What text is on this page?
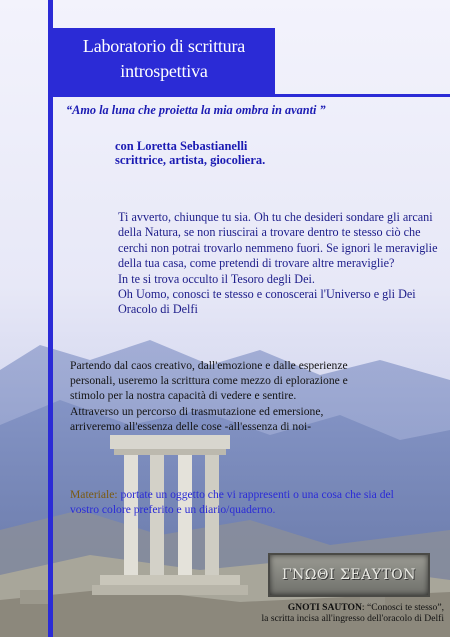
Laboratorio di scrittura
introspettiva
“Amo la luna che proietta la mia ombra in avanti ”
con Loretta Sebastianelli
scrittrice, artista, giocoliera.
Ti avverto, chiunque tu sia. Oh tu che desideri sondare gli arcani
della Natura, se non riuscirai a trovare dentro te stesso ciò che
cerchi non potrai trovarlo nemmeno fuori. Se ignori le meraviglie
della tua casa, come pretendi di trovare altre meraviglie?
In te si trova occulto il Tesoro degli Dei.
Oh Uomo, conosci te stesso e conoscerai l'Universo e gli Dei
Oracolo di Delfi
Partendo dal caos creativo, dall'emozione e dalle esperienze
personali, useremo la scrittura come mezzo di eplorazione e
stimolo per la nostra capacità di vedere e sentire.
Attraverso un percorso di trasmutazione ed emersione,
arriveremo all'essenza delle cose -all'essenza di noi-
Materiale: portate un oggetto che vi rappresenti o una cosa che sia del
vostro colore preferito e un diario/quaderno.
ΓΝΩΘΙ ΣΕΑΥΤΟΝ
GNOTI SAUTON: “Conosci te stesso”,
la scritta incisa all'ingresso dell'oracolo di Delfi
